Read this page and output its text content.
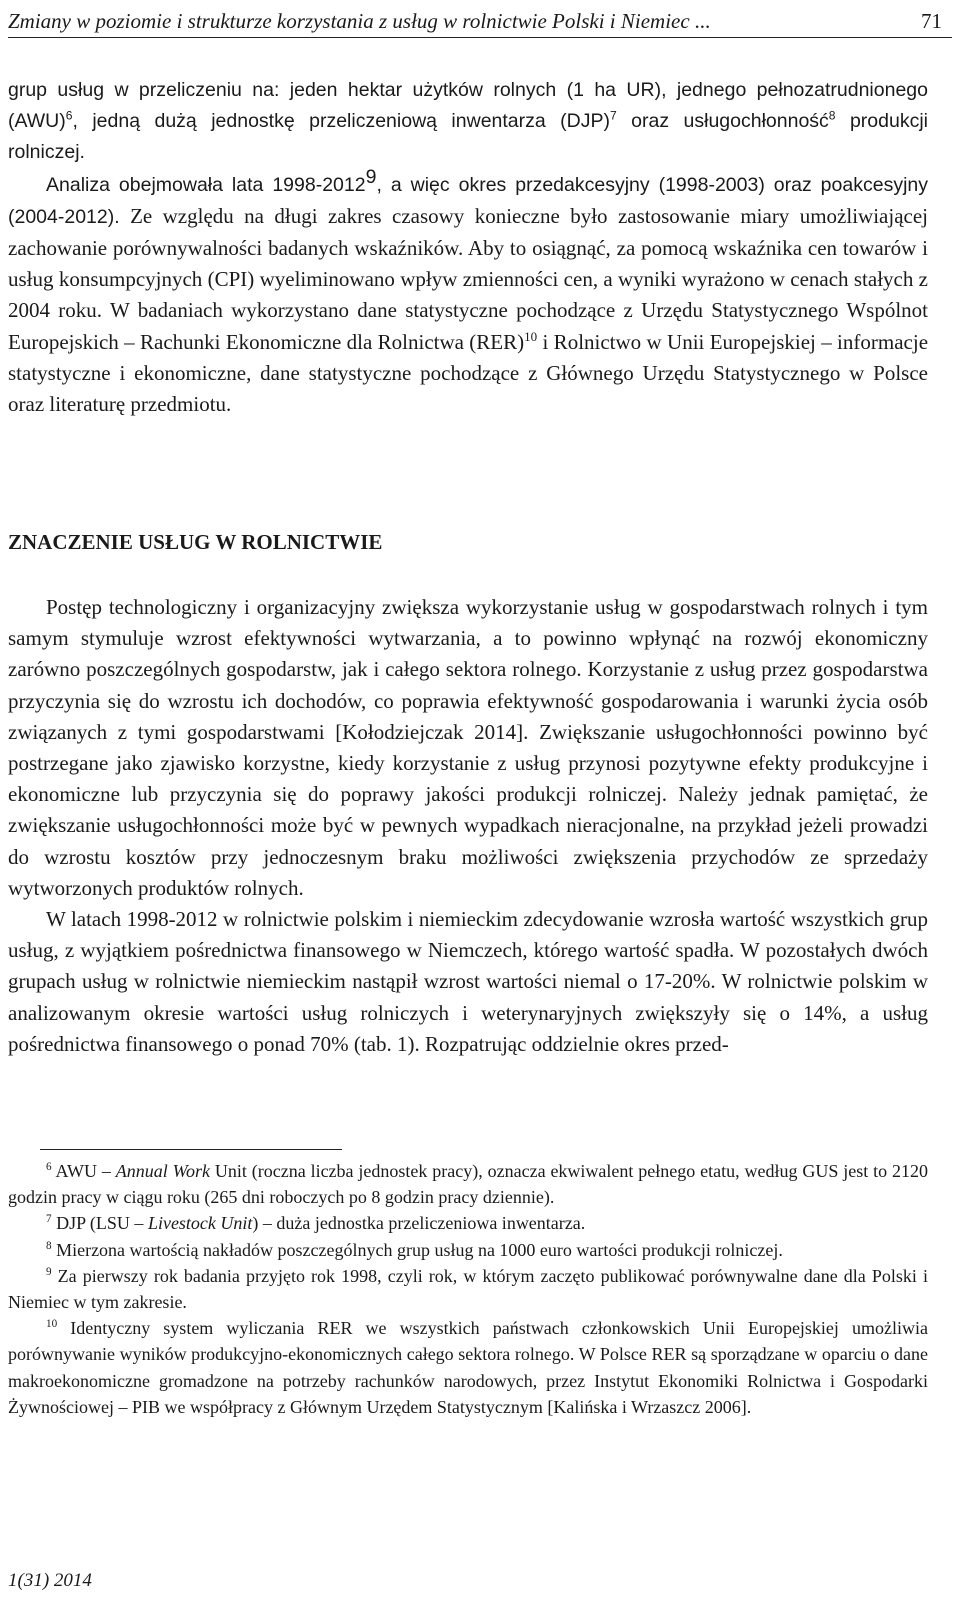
Zmiany w poziomie i strukturze korzystania z usług w rolnictwie Polski i Niemiec ...	71

grup usług w przeliczeniu na: jeden hektar użytków rolnych (1 ha UR), jednego pełnozatrudnionego (AWU)$^6$, jedną dużą jednostkę przeliczeniową inwentarza (DJP)$^7$ oraz usługochłonność$^8$ produkcji rolniczej.

Analiza obejmowała lata 1998-2012$^9$, a więc okres przedakcesyjny (1998-2003) oraz poakcesyjny (2004-2012). Ze względu na długi zakres czasowy konieczne było zastosowanie miary umożliwiającej zachowanie porównywalności badanych wskaźników. Aby to osiągnąć, za pomocą wskaźnika cen towarów i usług konsumpcyjnych (CPI) wyeliminowano wpływ zmienności cen, a wyniki wyrażono w cenach stałych z 2004 roku. W badaniach wykorzystano dane statystyczne pochodzące z Urzędu Statystycznego Wspólnot Europejskich – Rachunki Ekonomiczne dla Rolnictwa (RER)$^{10}$ i Rolnictwo w Unii Europejskiej – informacje statystyczne i ekonomiczne, dane statystyczne pochodzące z Głównego Urzędu Statystycznego w Polsce oraz literaturę przedmiotu.

ZNACZENIE USŁUG W ROLNICTWIE

Postęp technologiczny i organizacyjny zwiększa wykorzystanie usług w gospodarstwach rolnych i tym samym stymuluje wzrost efektywności wytwarzania, a to powinno wpłynąć na rozwój ekonomiczny zarówno poszczególnych gospodarstw, jak i całego sektora rolnego. Korzystanie z usług przez gospodarstwa przyczynia się do wzrostu ich dochodów, co poprawia efektywność gospodarowania i warunki życia osób związanych z tymi gospodarstwami [Kołodziejczak 2014]. Zwiększanie usługochłonności powinno być postrzegane jako zjawisko korzystne, kiedy korzystanie z usług przynosi pozytywne efekty produkcyjne i ekonomiczne lub przyczynia się do poprawy jakości produkcji rolniczej. Należy jednak pamiętać, że zwiększanie usługochłonności może być w pewnych wypadkach nieracjonalne, na przykład jeżeli prowadzi do wzrostu kosztów przy jednoczesnym braku możliwości zwiększenia przychodów ze sprzedaży wytworzonych produktów rolnych.

W latach 1998-2012 w rolnictwie polskim i niemieckim zdecydowanie wzrosła wartość wszystkich grup usług, z wyjątkiem pośrednictwa finansowego w Niemczech, którego wartość spadła. W pozostałych dwóch grupach usług w rolnictwie niemieckim nastąpił wzrost wartości niemal o 17-20%. W rolnictwie polskim w analizowanym okresie wartości usług rolniczych i weterynaryjnych zwiększyły się o 14%, a usług pośrednictwa finansowego o ponad 70% (tab. 1). Rozpatrując oddzielnie okres przed-

$^6$ AWU – Annual Work Unit (roczna liczba jednostek pracy), oznacza ekwiwalent pełnego etatu, według GUS jest to 2120 godzin pracy w ciągu roku (265 dni roboczych po 8 godzin pracy dziennie).

$^7$ DJP (LSU – Livestock Unit) – duża jednostka przeliczeniowa inwentarza.

$^8$ Mierzona wartością nakładów poszczególnych grup usług na 1000 euro wartości produkcji rolniczej.

$^9$ Za pierwszy rok badania przyjęto rok 1998, czyli rok, w którym zaczęto publikować porównywalne dane dla Polski i Niemiec w tym zakresie.

$^{10}$ Identyczny system wyliczania RER we wszystkich państwach członkowskich Unii Europejskiej umożliwia porównywanie wyników produkcyjno-ekonomicznych całego sektora rolnego. W Polsce RER są sporządzane w oparciu o dane makroekonomiczne gromadzone na potrzeby rachunków narodowych, przez Instytut Ekonomiki Rolnictwa i Gospodarki Żywnościowej – PIB we współpracy z Głównym Urzędem Statystycznym [Kalińska i Wrzaszcz 2006].

1(31) 2014
